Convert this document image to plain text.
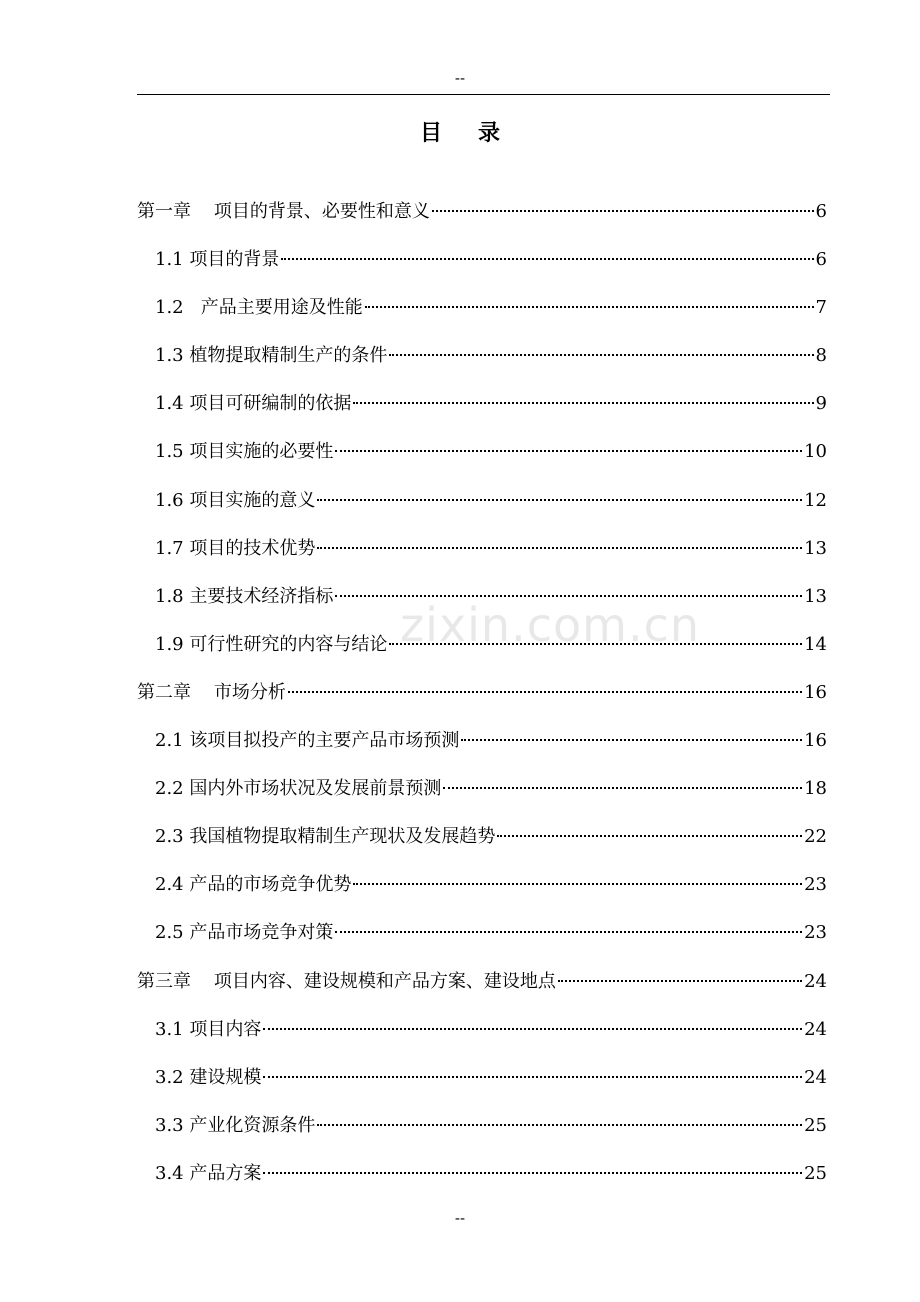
--
目录
第一章    项目的背景、必要性和意义	6
1.1 项目的背景	6
1.2   产品主要用途及性能	7
1.3 植物提取精制生产的条件	8
1.4 项目可研编制的依据	9
1.5 项目实施的必要性	10
1.6 项目实施的意义	12
1.7 项目的技术优势	13
1.8 主要技术经济指标	13
1.9 可行性研究的内容与结论	14
第二章    市场分析	16
2.1 该项目拟投产的主要产品市场预测	16
2.2 国内外市场状况及发展前景预测	18
2.3 我国植物提取精制生产现状及发展趋势	22
2.4 产品的市场竞争优势	23
2.5 产品市场竞争对策	23
第三章    项目内容、建设规模和产品方案、建设地点	24
3.1 项目内容	24
3.2 建设规模	24
3.3 产业化资源条件	25
3.4 产品方案	25
zixin.com.cn
--
